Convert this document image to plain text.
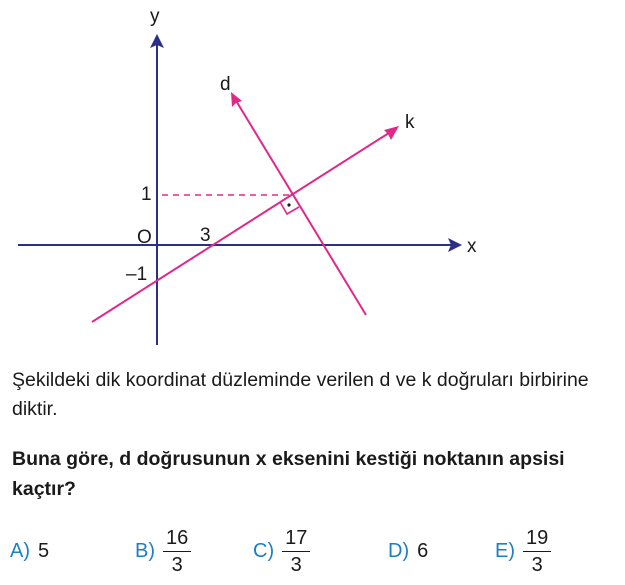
y
x
O	3
1
–1
d
k

Şekildeki dik koordinat düzleminde verilen d ve k doğruları birbirine diktir.

Buna göre, d doğrusunun x eksenini kestiği noktanın apsisi kaçtır?

A) 5	$B) \frac{16}{3}$	$C) \frac{17}{3}$	D) 6	$E) \frac{19}{3}$
